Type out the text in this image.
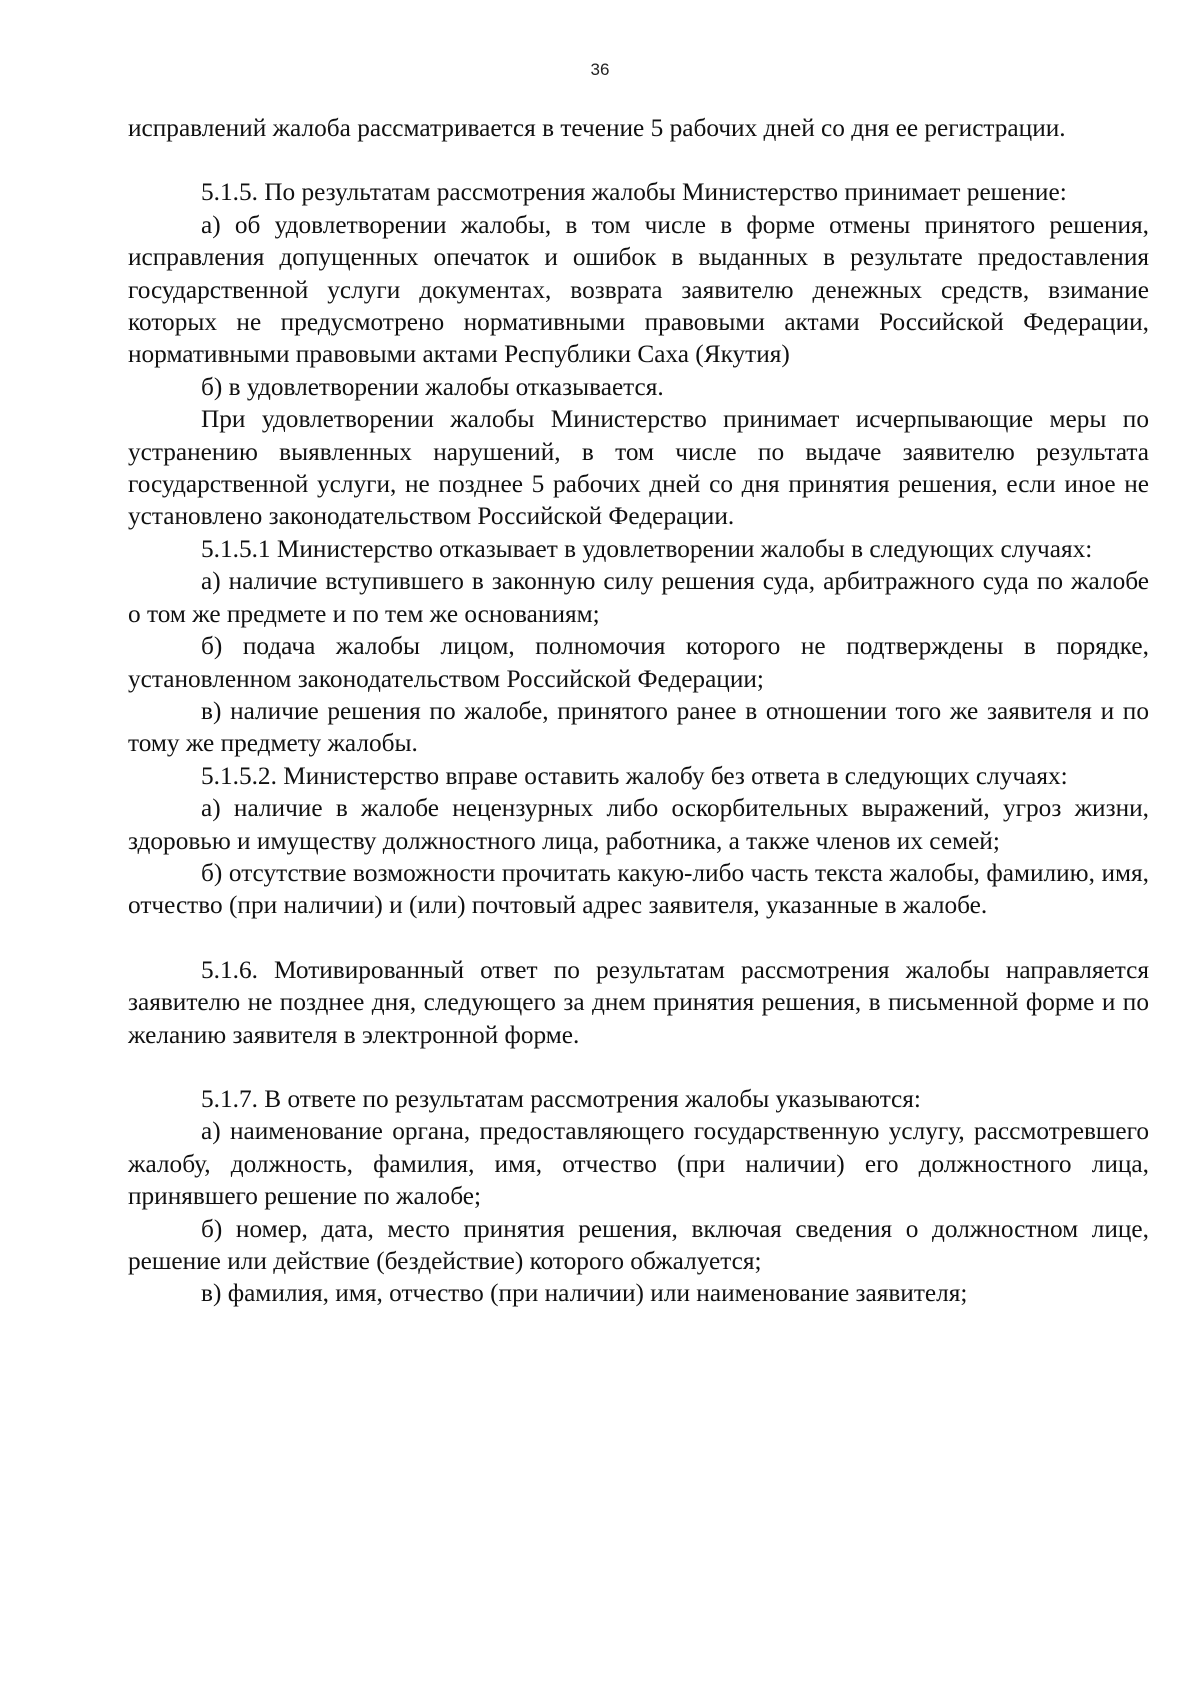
36

исправлений жалоба рассматривается в течение 5 рабочих дней со дня ее регистрации.

5.1.5. По результатам рассмотрения жалобы Министерство принимает решение:

а) об удовлетворении жалобы, в том числе в форме отмены принятого решения, исправления допущенных опечаток и ошибок в выданных в результате предоставления государственной услуги документах, возврата заявителю денежных средств, взимание которых не предусмотрено нормативными правовыми актами Российской Федерации, нормативными правовыми актами Республики Саха (Якутия)

б) в удовлетворении жалобы отказывается.

При удовлетворении жалобы Министерство принимает исчерпывающие меры по устранению выявленных нарушений, в том числе по выдаче заявителю результата государственной услуги, не позднее 5 рабочих дней со дня принятия решения, если иное не установлено законодательством Российской Федерации.

5.1.5.1 Министерство отказывает в удовлетворении жалобы в следующих случаях:

а) наличие вступившего в законную силу решения суда, арбитражного суда по жалобе о том же предмете и по тем же основаниям;

б) подача жалобы лицом, полномочия которого не подтверждены в порядке, установленном законодательством Российской Федерации;

в) наличие решения по жалобе, принятого ранее в отношении того же заявителя и по тому же предмету жалобы.

5.1.5.2. Министерство вправе оставить жалобу без ответа в следующих случаях:

а) наличие в жалобе нецензурных либо оскорбительных выражений, угроз жизни, здоровью и имуществу должностного лица, работника, а также членов их семей;

б) отсутствие возможности прочитать какую-либо часть текста жалобы, фамилию, имя, отчество (при наличии) и (или) почтовый адрес заявителя, указанные в жалобе.

5.1.6. Мотивированный ответ по результатам рассмотрения жалобы направляется заявителю не позднее дня, следующего за днем принятия решения, в письменной форме и по желанию заявителя в электронной форме.

5.1.7. В ответе по результатам рассмотрения жалобы указываются:

а) наименование органа, предоставляющего государственную услугу, рассмотревшего жалобу, должность, фамилия, имя, отчество (при наличии) его должностного лица, принявшего решение по жалобе;

б) номер, дата, место принятия решения, включая сведения о должностном лице, решение или действие (бездействие) которого обжалуется;

в) фамилия, имя, отчество (при наличии) или наименование заявителя;
